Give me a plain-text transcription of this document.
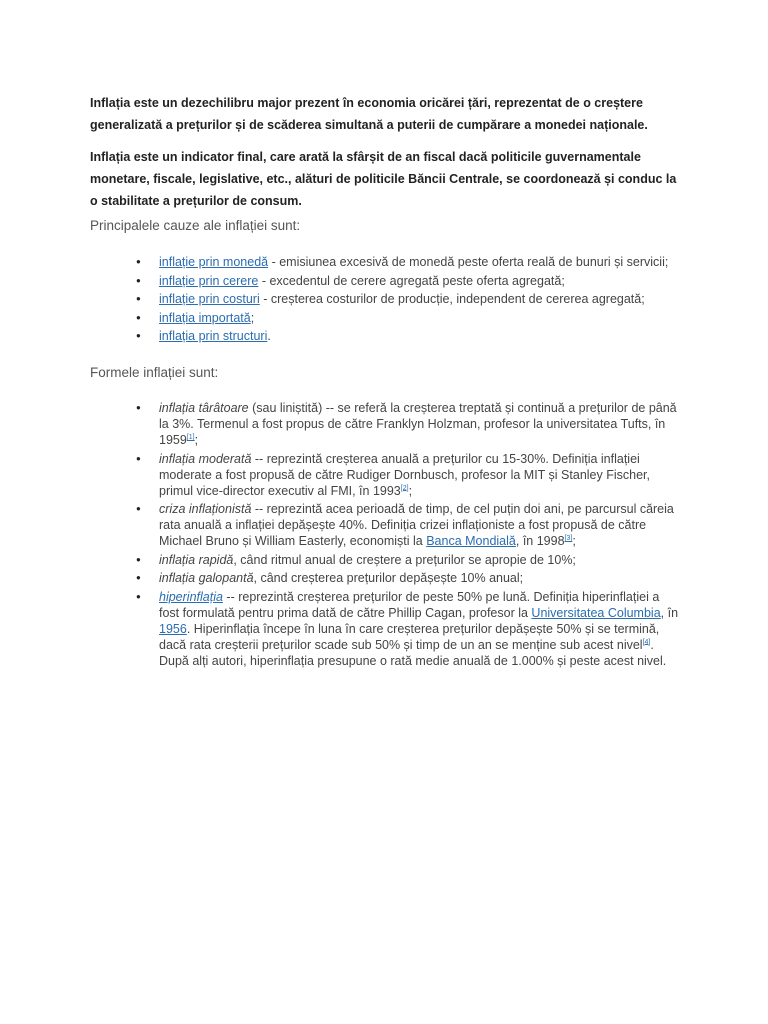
Inflația este un dezechilibru major prezent în economia oricărei țări, reprezentat de o creștere generalizată a prețurilor și de scăderea simultană a puterii de cumpărare a monedei naționale.

Inflația este un indicator final, care arată la sfârșit de an fiscal dacă politicile guvernamentale monetare, fiscale, legislative, etc., alături de politicile Băncii Centrale, se coordonează și conduc la o stabilitate a prețurilor de consum.

Principalele cauze ale inflației sunt:

● inflație prin monedă - emisiunea excesivă de monedă peste oferta reală de bunuri și servicii;
● inflație prin cerere - excedentul de cerere agregată peste oferta agregată;
● inflație prin costuri - creșterea costurilor de producție, independent de cererea agregată;
● inflația importată;
● inflația prin structuri.

Formele inflației sunt:

● inflația târâtoare (sau liniștită) -- se referă la creșterea treptată și continuă a prețurilor de până la 3%. Termenul a fost propus de către Franklyn Holzman, profesor la universitatea Tufts, în 1959[1];
● inflația moderată -- reprezintă creșterea anuală a prețurilor cu 15-30%. Definiția inflației moderate a fost propusă de către Rudiger Dornbusch, profesor la MIT și Stanley Fischer, primul vice-director executiv al FMI, în 1993[2];
● criza inflaționistă -- reprezintă acea perioadă de timp, de cel puțin doi ani, pe parcursul căreia rata anuală a inflației depășește 40%. Definiția crizei inflaționiste a fost propusă de către Michael Bruno și William Easterly, economiști la Banca Mondială, în 1998[3];
● inflația rapidă, când ritmul anual de creștere a prețurilor se apropie de 10%;
● inflația galopantă, când creșterea prețurilor depășește 10% anual;
● hiperinflația -- reprezintă creșterea prețurilor de peste 50% pe lună. Definiția hiperinflației a fost formulată pentru prima dată de către Phillip Cagan, profesor la Universitatea Columbia, în 1956. Hiperinflația începe în luna în care creșterea prețurilor depășește 50% și se termină, dacă rata creșterii prețurilor scade sub 50% și timp de un an se menține sub acest nivel[4]. După alți autori, hiperinflația presupune o rată medie anuală de 1.000% și peste acest nivel.
